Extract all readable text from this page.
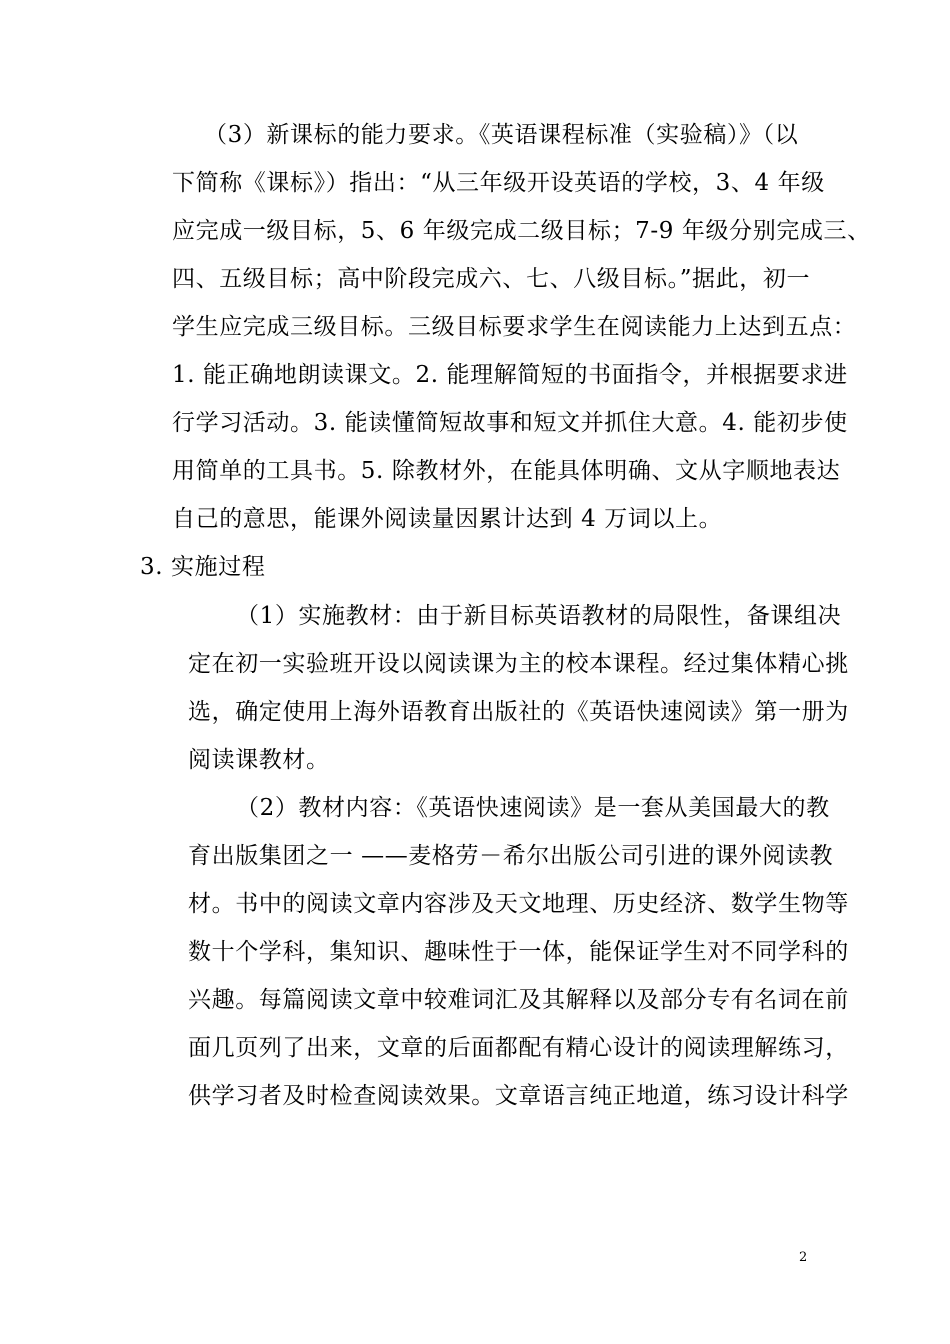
（3）新课标的能力要求。《英语课程标准（实验稿）》（以
下简称《课标》）指出：“从三年级开设英语的学校，3、4 年级
应完成一级目标，5、6 年级完成二级目标；7-9 年级分别完成三、
四、五级目标；高中阶段完成六、七、八级目标。”据此，初一
学生应完成三级目标。三级目标要求学生在阅读能力上达到五点：
1. 能正确地朗读课文。2. 能理解简短的书面指令，并根据要求进
行学习活动。3. 能读懂简短故事和短文并抓住大意。4. 能初步使
用简单的工具书。5. 除教材外，在能具体明确、文从字顺地表达
自己的意思，能课外阅读量因累计达到 4 万词以上。
3. 实施过程
（1）实施教材：由于新目标英语教材的局限性，备课组决
定在初一实验班开设以阅读课为主的校本课程。经过集体精心挑
选，确定使用上海外语教育出版社的《英语快速阅读》第一册为
阅读课教材。
（2）教材内容：《英语快速阅读》是一套从美国最大的教
育出版集团之一 ——麦格劳－希尔出版公司引进的课外阅读教
材。书中的阅读文章内容涉及天文地理、历史经济、数学生物等
数十个学科，集知识、趣味性于一体，能保证学生对不同学科的
兴趣。每篇阅读文章中较难词汇及其解释以及部分专有名词在前
面几页列了出来，文章的后面都配有精心设计的阅读理解练习，
供学习者及时检查阅读效果。文章语言纯正地道，练习设计科学
2
